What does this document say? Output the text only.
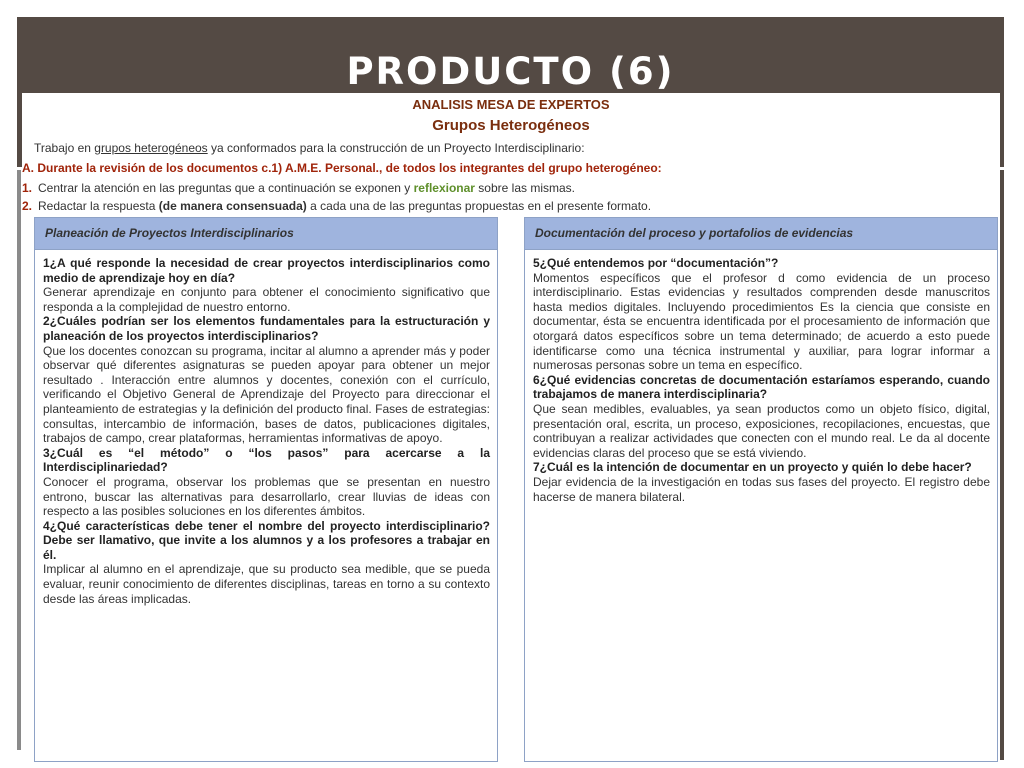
PRODUCTO (6)
ANALISIS MESA DE EXPERTOS
Grupos Heterogéneos
Trabajo en grupos heterogéneos ya conformados para la construcción de un Proyecto Interdisciplinario:
A. Durante la revisión de los documentos c.1) A.M.E. Personal., de todos los integrantes del grupo heterogéneo:
1. Centrar la atención en las preguntas que a continuación se exponen y reflexionar sobre las mismas.
2. Redactar la respuesta (de manera consensuada) a cada una de las preguntas propuestas en el presente formato.
Planeación de Proyectos Interdisciplinarios

1¿A qué responde la necesidad de crear proyectos interdisciplinarios como medio de aprendizaje hoy en día?

Generar aprendizaje en conjunto para obtener el conocimiento significativo que responda a la complejidad de nuestro entorno.

2¿Cuáles podrían ser los elementos fundamentales para la estructuración y planeación de los proyectos interdisciplinarios?

Que los docentes conozcan su programa, incitar al alumno a aprender más y poder observar qué diferentes asignaturas se pueden apoyar para obtener un mejor resultado . Interacción entre alumnos y docentes, conexión con el currículo, verificando el Objetivo General de Aprendizaje del Proyecto para direccionar el planteamiento de estrategias y la definición del producto final. Fases de estrategias: consultas, intercambio de información, bases de datos, publicaciones digitales, trabajos de campo, crear plataformas, herramientas informativas de apoyo.

3¿Cuál es “el método” o “los pasos” para acercarse a la Interdisciplinariedad?

Conocer el programa, observar los problemas que se presentan en nuestro entrono, buscar las alternativas para desarrollarlo, crear lluvias de ideas con respecto a las posibles soluciones en los diferentes ámbitos.

4¿Qué características debe tener el nombre del proyecto interdisciplinario? Debe ser llamativo, que invite a los alumnos y a los profesores a trabajar en él.

Implicar al alumno en el aprendizaje, que su producto sea medible, que se pueda evaluar, reunir conocimiento de diferentes disciplinas, tareas en torno a su contexto desde las áreas implicadas.

Documentación del proceso y portafolios de evidencias

5¿Qué entendemos por “documentación”?

Momentos específicos que el profesor d como evidencia de un proceso interdisciplinario. Estas evidencias y resultados comprenden desde manuscritos hasta medios digitales. Incluyendo procedimientos Es la ciencia que consiste en documentar, ésta se encuentra identificada por el procesamiento de información que otorgará datos específicos sobre un tema determinado; de acuerdo a esto puede identificarse como una técnica instrumental y auxiliar, para lograr informar a numerosas personas sobre un tema en específico.

6¿Qué evidencias concretas de documentación estaríamos esperando, cuando trabajamos de manera interdisciplinaria?

Que sean medibles, evaluables, ya sean productos como un objeto físico, digital, presentación oral, escrita, un proceso, exposiciones, recopilaciones, encuestas, que contribuyan a realizar actividades que conecten con el mundo real. Le da al docente evidencias claras del proceso que se está viviendo.

7¿Cuál es la intención de documentar en un proyecto y quién lo debe hacer?

Dejar evidencia de la investigación en todas sus fases del proyecto. El registro debe hacerse de manera bilateral.
